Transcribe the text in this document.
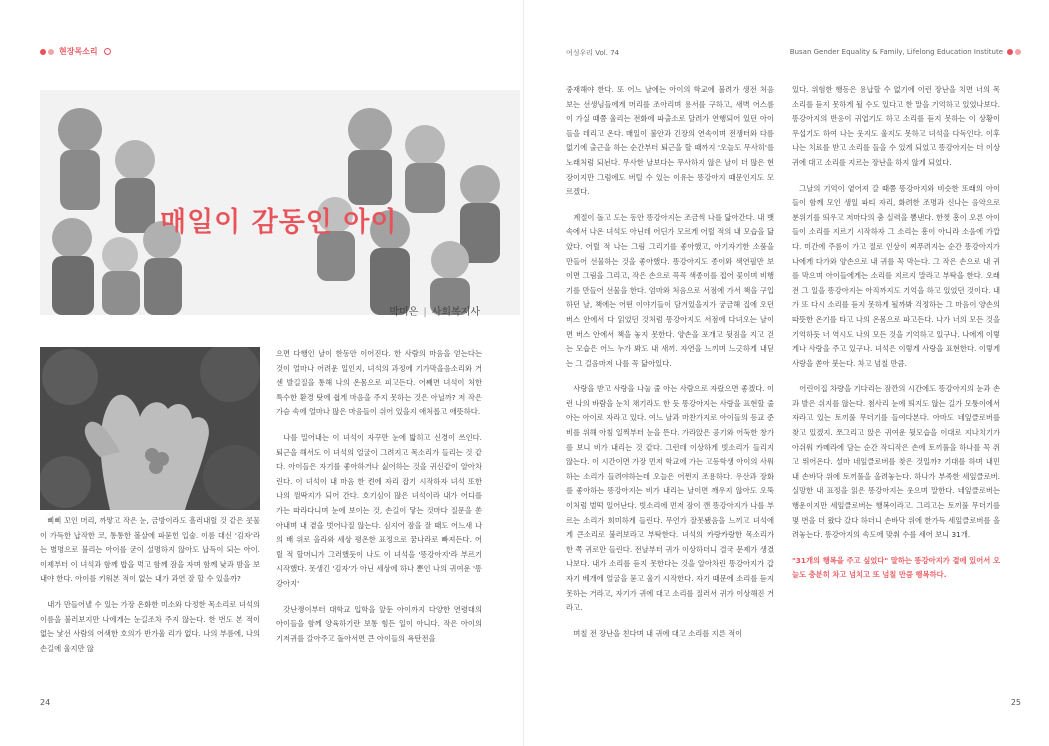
현장목소리
매일이 감동인 아이
박미은 | 사회복지사

삐삐 꼬인 머리, 까맣고 작은 눈, 금방이라도 흘러내릴 것 같은 콧물이 가득한 납작한 코, 통통한 볼살에 파묻힌 입술. 이름 대신 '김자'라는 별명으로 불리는 아이를 굳이 설명하지 않아도 납득이 되는 아이. 이제부터 이 녀석과 함께 밥을 먹고 함께 잠을 자며 함께 낮과 밤을 보내야 한다. 아이를 키워본 적이 없는 내가 과연 잘 할 수 있을까?

내가 만들어낼 수 있는 가장 온화한 미소와 다정한 목소리로 녀석의 이름을 불러보지만 나에게는 눈길조차 주지 않는다. 한 번도 본 적이 없는 낯선 사람의 어색한 호의가 반가울 리가 없다. 나의 부름에, 나의 손길에 울지만 않

으면 다행인 날이 한동안 이어진다. 한 사람의 마음을 얻는다는 것이 얼마나 어려운 일인지, 녀석의 과정에 기가막을음소리와 거센 발길질을 통해 나의 온몸으로 피고든다. 어째면 녀석이 처한 특수한 환경 탓에 쉽게 마음을 주지 못하는 것은 아닐까? 저 작은 가슴 속에 얼마나 많은 마음들이 쉬어 있을지 애처롭고 애뜻하다.

나를 밀어내는 이 녀석이 자꾸만 눈에 밟히고 신경이 쓰인다. 퇴근을 해서도 이 녀석의 얼굴이 그려지고 목소리가 들리는 것 같다. 아이들은 자기를 좋아하거나 싫어하는 것을 귀신같이 알아차린다. 이 녀석이 내 마음 한 켠에 자리 잡기 시작하자 녀석 또한 나의 껌딱지가 되어 간다. 호기심이 많은 녀석이라 내가 어디를 가는 따라다니며 눈에 보이는 것, 손길이 닿는 것마다 질문을 쏟아내며 내 곁을 벗어나질 않는다. 심지어 잠을 잘 때도 어느새 나의 배 위로 올라와 세상 평온한 표정으로 꿈나라로 빠져든다. 어릴 적 할머니가 그러했듯이 나도 이 녀석을 '똥강아지'라 부르기 시작했다. 못생긴 '김자'가 아닌 세상에 하나 뿐인 나의 귀여운 '똥강아지'

갓난쟁이부터 대학교 입학을 앞둔 아이까지 다양한 연령대의 아이들을 함께 양육하기란 보통 힘든 일이 아니다. 작은 아이의 기저귀를 갈아주고 돌아서면 큰 아이들의 욕탄전을

24
여성우리 Vol. 74	Busan Gender Equality & Family, Lifelong Education Institute

중재해야 한다. 또 어느 날에는 아이의 학교에 불려가 생전 처음 보는 선생님들에게 머리를 조아리며 용서를 구하고, 새벽 어스름이 가실 때쯤 울리는 전화에 파출소로 달려가 연행되어 있던 아이들을 데리고 온다. 매일이 불안과 긴장의 연속이며 전쟁터와 다름없기에 출근을 하는 순간부터 퇴근을 할 때까지 '오늘도 무사히'를 노래처럼 되뇐다. 무사한 날보다는 무사하지 않은 날이 더 많은 현장이지만 그럼에도 버틸 수 있는 이유는 똥강아지 때문인지도 모르겠다.

계절이 돌고 도는 동안 똥강아지는 조금씩 나를 닮아간다. 내 뱃속에서 나온 녀석도 아닌데 어딘가 모르게 어릴 적의 내 모습을 닮았다. 어릴 적 나는 그림 그리기를 좋아했고, 아기자기한 소품을 만들어 선물하는 것을 좋아했다. 똥강아지도 종이와 색연필만 보이면 그림을 그리고, 작은 손으로 꼭꼭 색종이를 접어 꽃이며 비행기를 만들어 선물을 한다. 엄마와 처음으로 서점에 가서 책을 구입하던 날, 책에는 어떤 이야기들이 담겨있을지가 궁금해 집에 오던 버스 안에서 다 읽었던 것처럼 똥강아지도 서점에 다녀오는 날이면 버스 안에서 책을 놓지 못한다. 양손을 포개고 뒷짐을 지고 걷는 모습은 어느 누가 봐도 내 새끼. 자연을 느끼며 느긋하게 내딛는 그 걸음마저 나를 꼭 닮아있다.

사랑을 받고 사랑을 나눌 줄 아는 사람으로 자랐으면 좋겠다. 이런 나의 바람을 눈치 채기라도 한 듯 똥강아지는 사랑을 표현할 줄 아는 아이로 자라고 있다. 여느 날과 마찬가지로 아이들의 등교 준비를 위해 아침 일찍부터 눈을 뜬다. 가라앉은 공기와 어둑한 창가를 보니 비가 내리는 것 같다. 그런데 이상하게 빗소리가 들리지 않는다. 이 시간이면 가장 먼저 학교에 가는 고등학생 아이의 사워하는 소리가 들려야하는데 오늘은 어쩐지 조용하다. 우산과 장화를 좋아하는 똥강아지는 비가 내리는 날이면 깨우지 않아도 오뚝이처럼 벌떡 일어난다. 빗소리에 먼저 잠이 깬 똥강아지가 나를 부르는 소리가 희미하게 들린다. 무언가 잘못됐음을 느끼고 녀석에게 큰소리로 불러보라고 부탁한다. 녀석의 카랑카랑한 목소리가 한 쪽 귀로만 들린다. 전날부터 귀가 이상하더니 결국 문제가 생겼나보다. 내가 소리를 듣지 못한다는 것을 알아차린 똥강아지가 갑자기 베개에 얼굴을 묻고 울기 시작한다. 자기 때문에 소리를 듣지 못하는 거라고, 자기가 귀에 대고 소리를 질러서 귀가 이상해진 거라고.

며칠 전 장난을 친다며 내 귀에 대고 소리를 지른 적이

있다. 위험한 행동은 용납할 수 없기에 이런 장난을 치면 너의 목소리를 듣지 못하게 될 수도 있다고 한 말을 기억하고 있었나보다. 똥강아지의 반응이 귀엽기도 하고 소리를 듣지 못하는 이 상황이 무섭기도 하여 나는 웃지도 울지도 못하고 녀석을 다독인다. 이후 나는 치료를 받고 소리를 들을 수 있게 되었고 똥강아지는 더 이상 귀에 대고 소리를 지르는 장난을 하지 않게 되었다.

그날의 기억이 옅어져 갈 때쯤 똥강아지와 비슷한 또래의 아이들이 함께 모인 생일 파티 자리, 화려한 조명과 신나는 음악으로 분위기를 띄우고 저마다의 춤 실력을 뽐낸다. 한껏 흥이 오른 아이들이 소리를 지르기 시작하자 그 소리는 흥이 아니라 소음에 가깝다. 미간에 주름이 가고 절로 인상이 찌푸려지는 순간 똥강아지가 나에게 다가와 양손으로 내 귀를 꼭 막는다. 그 작은 손으로 내 귀를 막으며 아이들에게는 소리를 지르지 말라고 부탁을 한다. 오래전 그 일을 똥강아지는 아직까지도 기억을 하고 있었던 것이다. 내가 또 다시 소리를 듣지 못하게 될까봐 걱정하는 그 마음이 양손의 따뜻한 온기를 타고 나의 온몸으로 파고든다. 나가 너의 모든 것을 기억하듯 너 역시도 나의 모든 것을 기억하고 있구나. 나에게 이렇게나 사랑을 주고 있구나. 녀석은 이렇게 사랑을 표현한다. 이렇게 사랑을 쏟아 붓는다. 차고 넘칠 만큼.

어린이집 차량을 기다리는 잠깐의 시간에도 똥강아지의 눈과 손과 발은 쉬지를 않는다. 첨사리 눈에 띄지도 않는 길가 모퉁이에서 자라고 있는 토끼풀 무더기를 들여다본다. 아마도 네잎클로버를 찾고 있겠지. 쪼그리고 앉은 귀여운 뒷모습을 이대로 지나치기가 아쉬워 카메라에 담는 순간 작디작은 손에 토끼풀을 하나를 꼭 쥐고 뛰어온다. 설마 네잎클로버를 찾은 것일까? 기대를 하며 내민 내 손바닥 위에 토끼풀을 올려놓는다. 하나가 부족한 세잎클로버. 실망한 내 표정을 읽은 똥강아지는 웃으며 말한다. 네잎클로버는 행운이지만 세잎클로버는 행복이라고. 그리고는 토끼풀 무더기를 몇 번을 더 왔다 갔다 하더니 손바닥 위에 한가득 세잎클로버를 올려놓는다. 똥강아지의 속도에 맞춰 수를 세어 보니 31개.

"31개의 행복을 주고 싶었다" 말하는 똥강아지가 곁에 있어서 오늘도 충분히 차고 넘치고 또 넘칠 만큼 행복하다.

25
